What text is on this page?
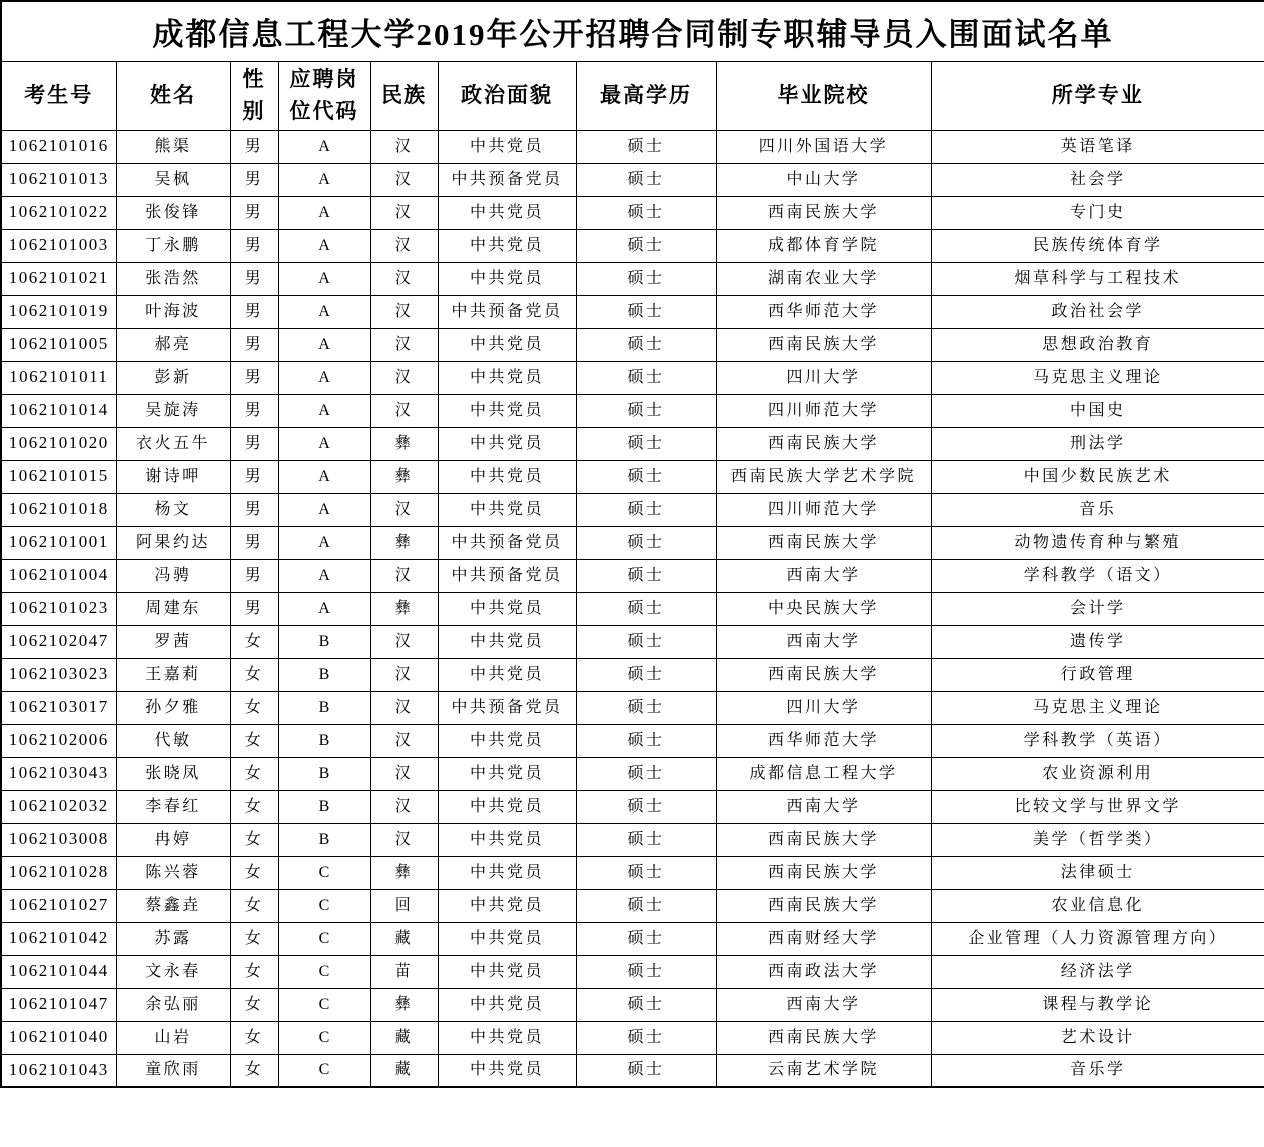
成都信息工程大学2019年公开招聘合同制专职辅导员入围面试名单								
考生号	姓名	性别	应聘岗位代码	民族	政治面貌	最高学历	毕业院校	所学专业
1062101016	熊渠	男	A	汉	中共党员	硕士	四川外国语大学	英语笔译
1062101013	吴枫	男	A	汉	中共预备党员	硕士	中山大学	社会学
1062101022	张俊锋	男	A	汉	中共党员	硕士	西南民族大学	专门史
1062101003	丁永鹏	男	A	汉	中共党员	硕士	成都体育学院	民族传统体育学
1062101021	张浩然	男	A	汉	中共党员	硕士	湖南农业大学	烟草科学与工程技术
1062101019	叶海波	男	A	汉	中共预备党员	硕士	西华师范大学	政治社会学
1062101005	郝亮	男	A	汉	中共党员	硕士	西南民族大学	思想政治教育
1062101011	彭新	男	A	汉	中共党员	硕士	四川大学	马克思主义理论
1062101014	吴旋涛	男	A	汉	中共党员	硕士	四川师范大学	中国史
1062101020	衣火五牛	男	A	彝	中共党员	硕士	西南民族大学	刑法学
1062101015	谢诗呷	男	A	彝	中共党员	硕士	西南民族大学艺术学院	中国少数民族艺术
1062101018	杨文	男	A	汉	中共党员	硕士	四川师范大学	音乐
1062101001	阿果约达	男	A	彝	中共预备党员	硕士	西南民族大学	动物遗传育种与繁殖
1062101004	冯骋	男	A	汉	中共预备党员	硕士	西南大学	学科教学（语文）
1062101023	周建东	男	A	彝	中共党员	硕士	中央民族大学	会计学
1062102047	罗茜	女	B	汉	中共党员	硕士	西南大学	遗传学
1062103023	王嘉莉	女	B	汉	中共党员	硕士	西南民族大学	行政管理
1062103017	孙夕雅	女	B	汉	中共预备党员	硕士	四川大学	马克思主义理论
1062102006	代敏	女	B	汉	中共党员	硕士	西华师范大学	学科教学（英语）
1062103043	张晓凤	女	B	汉	中共党员	硕士	成都信息工程大学	农业资源利用
1062102032	李春红	女	B	汉	中共党员	硕士	西南大学	比较文学与世界文学
1062103008	冉婷	女	B	汉	中共党员	硕士	西南民族大学	美学（哲学类）
1062101028	陈兴蓉	女	C	彝	中共党员	硕士	西南民族大学	法律硕士
1062101027	蔡鑫垚	女	C	回	中共党员	硕士	西南民族大学	农业信息化
1062101042	苏露	女	C	藏	中共党员	硕士	西南财经大学	企业管理（人力资源管理方向）
1062101044	文永春	女	C	苗	中共党员	硕士	西南政法大学	经济法学
1062101047	余弘丽	女	C	彝	中共党员	硕士	西南大学	课程与教学论
1062101040	山岩	女	C	藏	中共党员	硕士	西南民族大学	艺术设计
1062101043	童欣雨	女	C	藏	中共党员	硕士	云南艺术学院	音乐学
